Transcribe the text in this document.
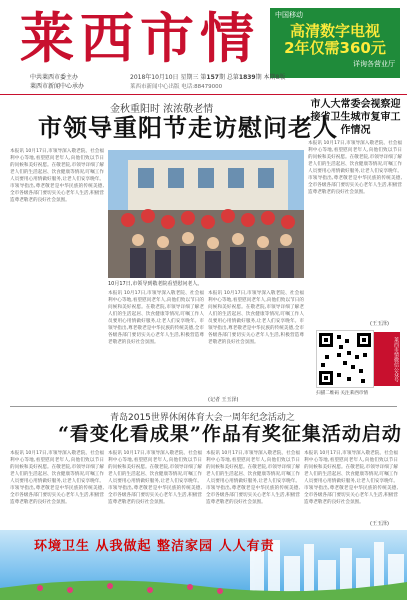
莱西市情	中国移动
高清数字电视
2年仅需360元
详询各营业厅
中共莱西市委主办
莱西市新闻中心承办
2018年10月10日 星期三 第157期 总第1839期 本期8版
莱西市新闻中心出版 电话:88479000
金秋重阳时 浓浓敬老情
市领导重阳节走访慰问老人
市人大常委会视察迎接省卫生城市复审工作情况
本报讯 10月17日,市领导深入敬老院、社会福利中心等地,看望慰问老年人,向他们致以节日的问候和美好祝愿。在敬老院,市领导详细了解老人们的生活起居、饮食健康等情况,叮嘱工作人员要用心用情做好服务,让老人们安享晚年。市领导指出,尊老敬老是中华民族的传统美德,全市各级各部门要切实关心老年人生活,积极营造尊老敬老的良好社会氛围。
本报讯 10月17日,市领导深入敬老院、社会福利中心等地,看望慰问老年人,向他们致以节日的问候和美好祝愿。在敬老院,市领导详细了解老人们的生活起居、饮食健康等情况,叮嘱工作人员要用心用情做好服务,让老人们安享晚年。市领导指出,尊老敬老是中华民族的传统美德,全市各级各部门要切实关心老年人生活,积极营造尊老敬老的良好社会氛围。
本报讯 10月17日,市领导深入敬老院、社会福利中心等地,看望慰问老年人,向他们致以节日的问候和美好祝愿。在敬老院,市领导详细了解老人们的生活起居、饮食健康等情况,叮嘱工作人员要用心用情做好服务,让老人们安享晚年。市领导指出,尊老敬老是中华民族的传统美德,全市各级各部门要切实关心老年人生活,积极营造尊老敬老的良好社会氛围。
本报讯 10月17日,市领导深入敬老院、社会福利中心等地,看望慰问老年人,向他们致以节日的问候和美好祝愿。在敬老院,市领导详细了解老人们的生活起居、饮食健康等情况,叮嘱工作人员要用心用情做好服务,让老人们安享晚年。市领导指出,尊老敬老是中华民族的传统美德,全市各级各部门要切实关心老年人生活,积极营造尊老敬老的良好社会氛围。
(记者 王玉泽)
(王玉泽)
10月17日,市领导到敬老院看望慰问老人。
莱西市情微信公众号
扫描二维码 关注莱西市情
青岛2015世界休闲体育大会一周年纪念活动之
“看变化看成果”作品有奖征集活动启动
本报讯 10月17日,市领导深入敬老院、社会福利中心等地,看望慰问老年人,向他们致以节日的问候和美好祝愿。在敬老院,市领导详细了解老人们的生活起居、饮食健康等情况,叮嘱工作人员要用心用情做好服务,让老人们安享晚年。市领导指出,尊老敬老是中华民族的传统美德,全市各级各部门要切实关心老年人生活,积极营造尊老敬老的良好社会氛围。
本报讯 10月17日,市领导深入敬老院、社会福利中心等地,看望慰问老年人,向他们致以节日的问候和美好祝愿。在敬老院,市领导详细了解老人们的生活起居、饮食健康等情况,叮嘱工作人员要用心用情做好服务,让老人们安享晚年。市领导指出,尊老敬老是中华民族的传统美德,全市各级各部门要切实关心老年人生活,积极营造尊老敬老的良好社会氛围。
本报讯 10月17日,市领导深入敬老院、社会福利中心等地,看望慰问老年人,向他们致以节日的问候和美好祝愿。在敬老院,市领导详细了解老人们的生活起居、饮食健康等情况,叮嘱工作人员要用心用情做好服务,让老人们安享晚年。市领导指出,尊老敬老是中华民族的传统美德,全市各级各部门要切实关心老年人生活,积极营造尊老敬老的良好社会氛围。
本报讯 10月17日,市领导深入敬老院、社会福利中心等地,看望慰问老年人,向他们致以节日的问候和美好祝愿。在敬老院,市领导详细了解老人们的生活起居、饮食健康等情况,叮嘱工作人员要用心用情做好服务,让老人们安享晚年。市领导指出,尊老敬老是中华民族的传统美德,全市各级各部门要切实关心老年人生活,积极营造尊老敬老的良好社会氛围。
(王玉泽)
环境卫生 从我做起 整洁家园 人人有责
